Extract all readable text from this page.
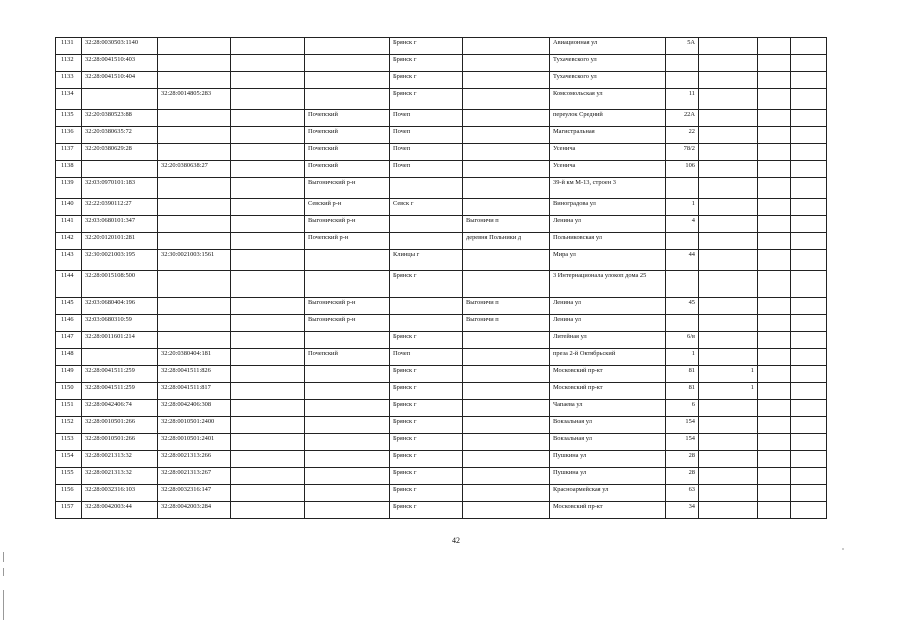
1131	32:28:0030503:1140				Брянск г		Авиационная ул	5А			
1132	32:28:0041510:403				Брянск г		Тухачевского ул				
1133	32:28:0041510:404				Брянск г		Тухачевского ул				
1134		32:28:0014805:283			Брянск г		Комсомольская ул	11			
1135	32:20:0380523:88			Почепский	Почеп		переулок Средний	22А			
1136	32:20:0380635:72			Почепский	Почеп		Магистральная	22			
1137	32:20:0380629:28			Почепский	Почеп		Усенича	78/2			
1138		32:20:0380638:27		Почепский	Почеп		Усенича	106			
1139	32:03:0970101:183			Выгоничский р-н			39-й км М-13, строен 3				
1140	32:22:0390112:27			Севский р-н	Севск г		Виноградова ул	1			
1141	32:03:0680101:347			Выгоничский р-н		Выгоничи п	Ленина ул	4			
1142	32:20:0120101:281			Почепский р-н		деревня Польники д	Польниковская ул				
1143	32:30:0021003:195	32:30:0021003:1561			Клинцы г		Мира ул	44			
1144	32:28:0015108:500				Брянск г		3 Интернационала улокоп дома 25				
1145	32:03:0680404:196			Выгоничский р-н		Выгоничи п	Ленина ул	45			
1146	32:03:0680310:59			Выгоничский р-н		Выгоничи п	Ленина ул				
1147	32:28:0011601:214				Брянск г		Литейная ул	6/в			
1148		32:20:0380404:181		Почепский	Почеп		преза 2-й Октябрьский	1			
1149	32:28:0041511:259	32:28:0041511:826			Брянск г		Московский пр-кт	81	1		
1150	32:28:0041511:259	32:28:0041511:817			Брянск г		Московский пр-кт	81	1		
1151	32:28:0042406:74	32:28:0042406:308			Брянск г		Чапаева ул	6			
1152	32:28:0010501:266	32:28:0010501:2400			Брянск г		Вокзальная ул	154			
1153	32:28:0010501:266	32:28:0010501:2401			Брянск г		Вокзальная ул	154			
1154	32:28:0021313:32	32:28:0021313:266			Брянск г		Пушкина ул	28			
1155	32:28:0021313:32	32:28:0021313:267			Брянск г		Пушкина ул	28			
1156	32:28:0032316:103	32:28:0032316:147			Брянск г		Красноармейская ул	63			
1157	32:28:0042003:44	32:28:0042003:284			Брянск г		Московский пр-кт	34			
42
